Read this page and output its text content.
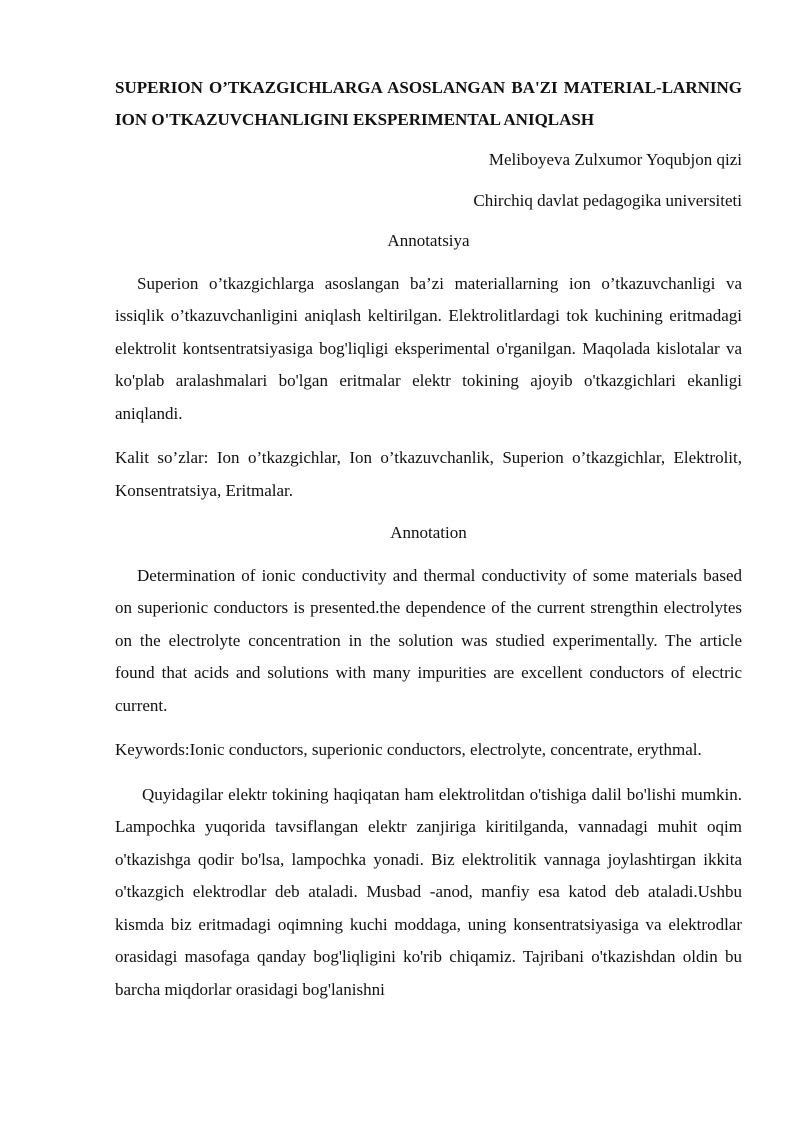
SUPERION O’TKAZGICHLARGA ASOSLANGAN BA'ZI MATERIAL-LARNING ION O'TKAZUVCHANLIGINI EKSPERIMENTAL ANIQLASH

Meliboyeva Zulxumor Yoqubjon qizi

Chirchiq davlat pedagogika universiteti

Annotatsiya

Superion o’tkazgichlarga asoslangan ba’zi materiallarning ion o’tkazuvchanligi va issiqlik o’tkazuvchanligini aniqlash keltirilgan. Elektrolitlardagi tok kuchining eritmadagi elektrolit kontsentratsiyasiga bog'liqligi eksperimental o'rganilgan. Maqolada kislotalar va ko'plab aralashmalari bo'lgan eritmalar elektr tokining ajoyib o'tkazgichlari ekanligi aniqlandi.

Kalit so’zlar: Ion o’tkazgichlar, Ion o’tkazuvchanlik, Superion o’tkazgichlar, Elektrolit, Konsentratsiya, Eritmalar.

Annotation

Determination of ionic conductivity and thermal conductivity of some materials based on superionic conductors is presented.the dependence of the current strengthin electrolytes on the electrolyte concentration in the solution was studied experimentally. The article found that acids and solutions with many impurities are excellent conductors of electric current.

Keywords:Ionic conductors, superionic conductors, electrolyte, concentrate, erythmal.

Quyidagilar elektr tokining haqiqatan ham elektrolitdan o'tishiga dalil bo'lishi mumkin. Lampochka yuqorida tavsiflangan elektr zanjiriga kiritilganda, vannadagi muhit oqim o'tkazishga qodir bo'lsa, lampochka yonadi. Biz elektrolitik vannaga joylashtirgan ikkita o'tkazgich elektrodlar deb ataladi. Musbad -anod, manfiy esa katod deb ataladi.Ushbu kismda biz eritmadagi oqimning kuchi moddaga, uning konsentratsiyasiga va elektrodlar orasidagi masofaga qanday bog'liqligini ko'rib chiqamiz. Tajribani o'tkazishdan oldin bu barcha miqdorlar orasidagi bog'lanishni
